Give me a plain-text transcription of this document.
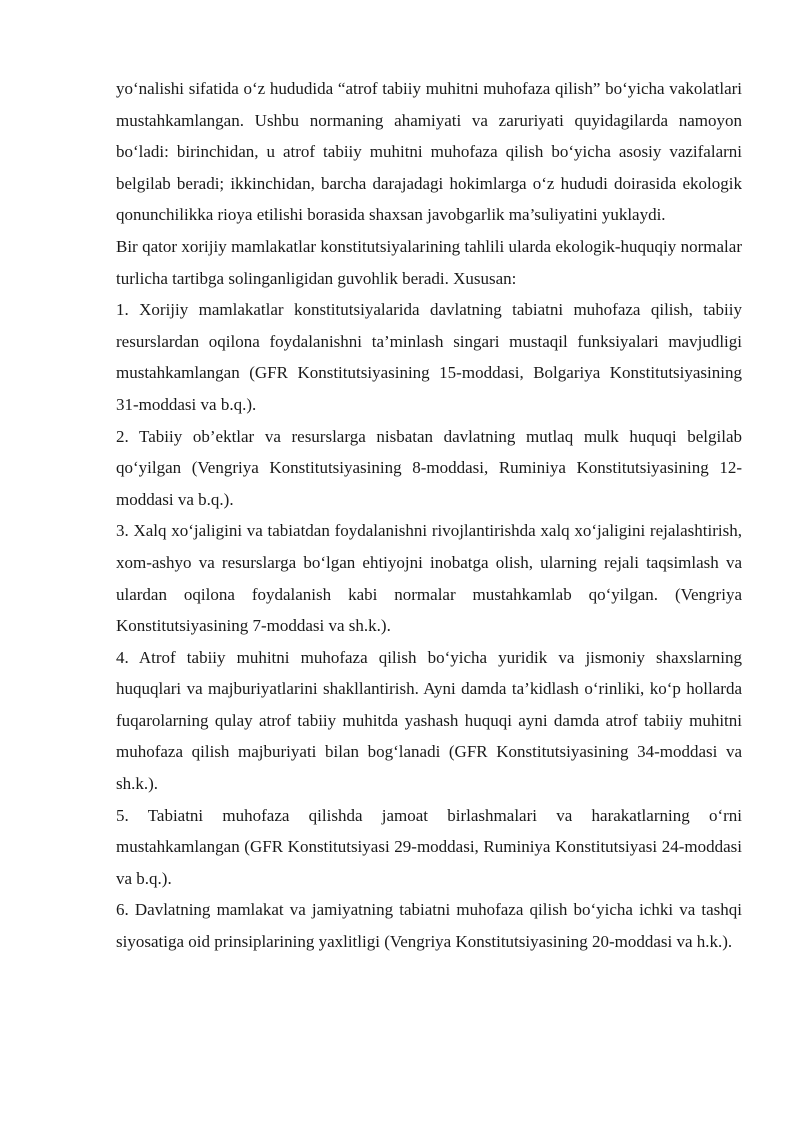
yo‘nalishi sifatida o‘z hududida “atrof tabiiy muhitni muhofaza qilish” bo‘yicha vakolatlari mustahkamlangan. Ushbu normaning ahamiyati va zaruriyati quyidagilarda namoyon bo‘ladi: birinchidan, u atrof tabiiy muhitni muhofaza qilish bo‘yicha asosiy vazifalarni belgilab beradi; ikkinchidan, barcha darajadagi hokimlarga o‘z hududi doirasida ekologik qonunchilikka rioya etilishi borasida shaxsan javobgarlik ma’suliyatini yuklaydi.

Bir qator xorijiy mamlakatlar konstitutsiyalarining tahlili ularda ekologik-huquqiy normalar turlicha tartibga solinganligidan guvohlik beradi. Xususan:

1. Xorijiy mamlakatlar konstitutsiyalarida davlatning tabiatni muhofaza qilish, tabiiy resurslardan oqilona foydalanishni ta’minlash singari mustaqil funksiyalari mavjudligi mustahkamlangan (GFR Konstitutsiyasining 15-moddasi, Bolgariya Konstitutsiyasining 31-moddasi va b.q.).

2. Tabiiy ob’ektlar va resurslarga nisbatan davlatning mutlaq mulk huquqi belgilab qo‘yilgan (Vengriya Konstitutsiyasining 8-moddasi, Ruminiya Konstitutsiyasining 12-moddasi va b.q.).

3. Xalq xo‘jaligini va tabiatdan foydalanishni rivojlantirishda xalq xo‘jaligini rejalashtirish, xom-ashyo va resurslarga bo‘lgan ehtiyojni inobatga olish, ularning rejali taqsimlash va ulardan oqilona foydalanish kabi normalar mustahkamlab qo‘yilgan. (Vengriya Konstitutsiyasining 7-moddasi va sh.k.).

4. Atrof tabiiy muhitni muhofaza qilish bo‘yicha yuridik va jismoniy shaxslarning huquqlari va majburiyatlarini shakllantirish. Ayni damda ta’kidlash o‘rinliki, ko‘p hollarda fuqarolarning qulay atrof tabiiy muhitda yashash huquqi ayni damda atrof tabiiy muhitni muhofaza qilish majburiyati bilan bog‘lanadi (GFR Konstitutsiyasining 34-moddasi va sh.k.).

5. Tabiatni muhofaza qilishda jamoat birlashmalari va harakatlarning o‘rni mustahkamlangan (GFR Konstitutsiyasi 29-moddasi, Ruminiya Konstitutsiyasi 24-moddasi va b.q.).

6. Davlatning mamlakat va jamiyatning tabiatni muhofaza qilish bo‘yicha ichki va tashqi siyosatiga oid prinsiplarining yaxlitligi (Vengriya Konstitutsiyasining 20-moddasi va h.k.).
